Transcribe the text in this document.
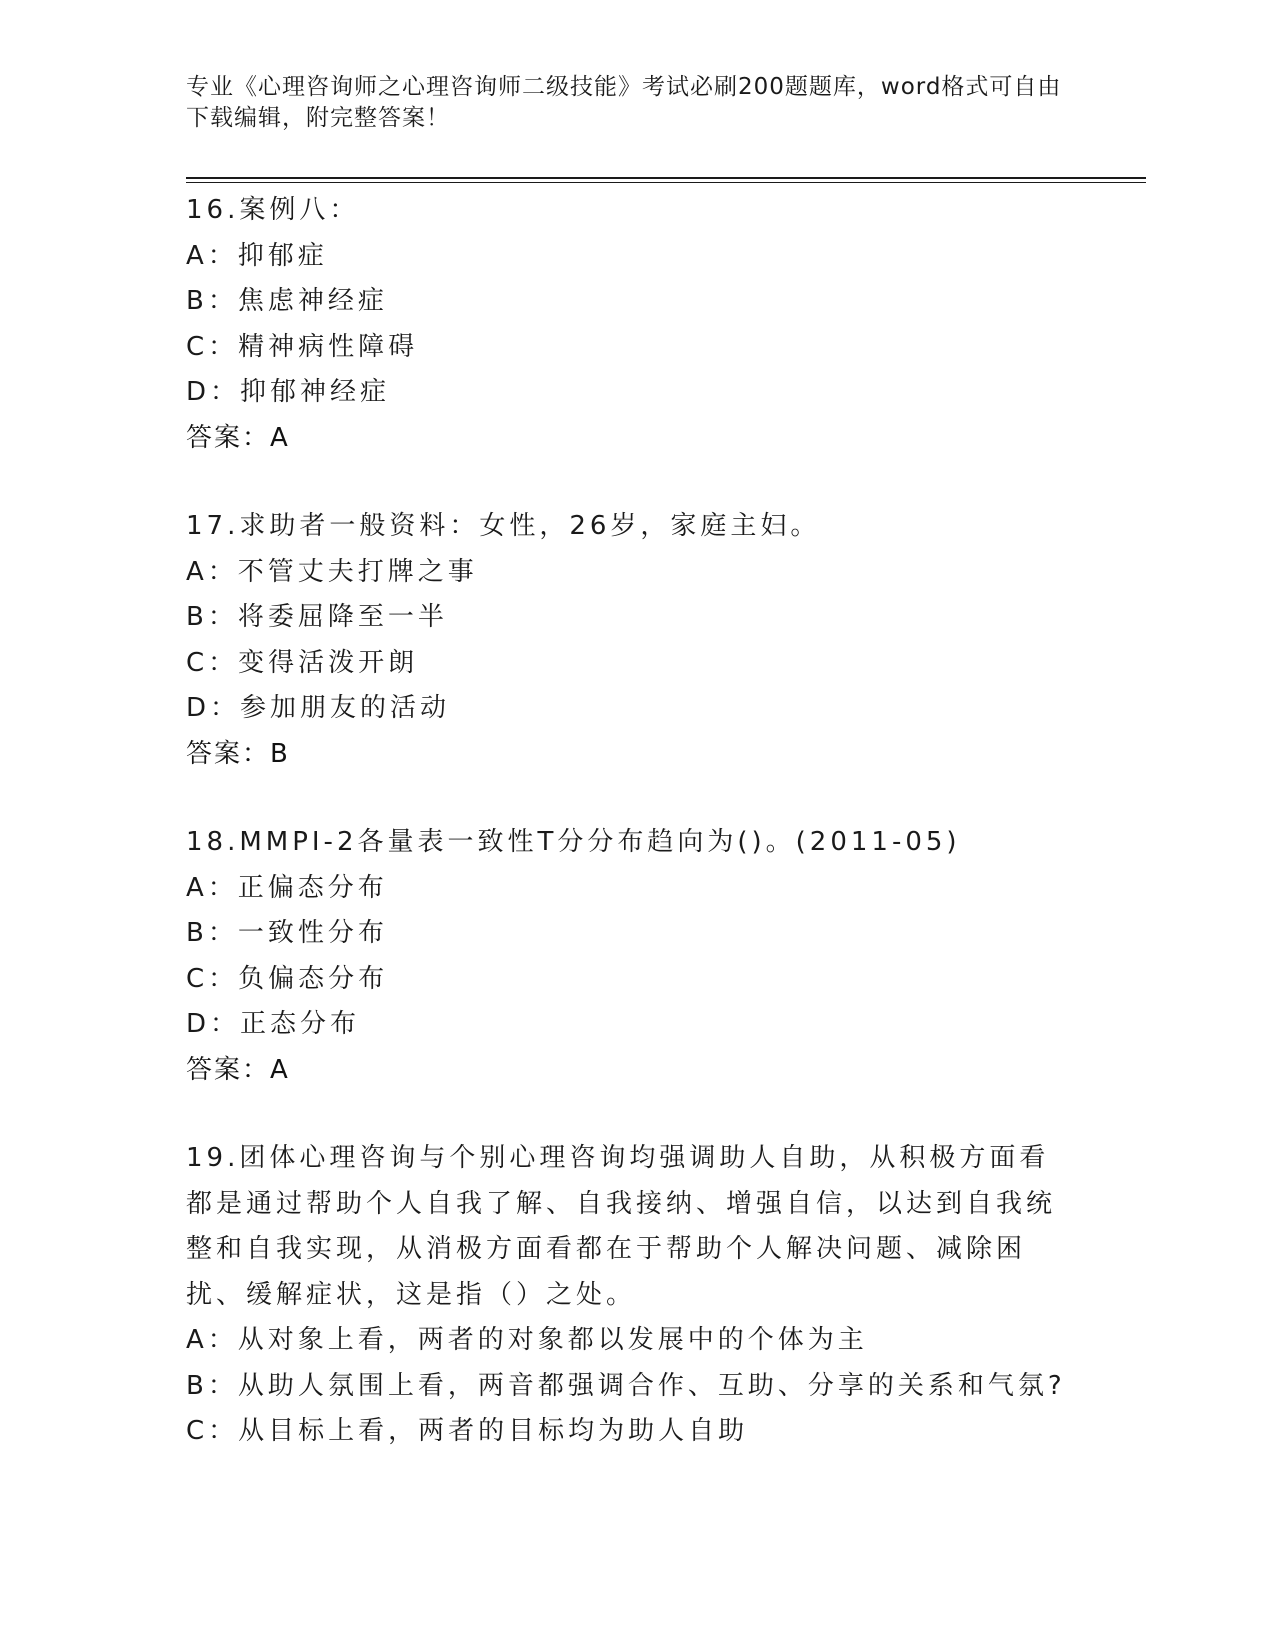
专业《心理咨询师之心理咨询师二级技能》考试必刷200题题库，word格式可自由下载编辑，附完整答案！
16.案例八：
A：抑郁症
B：焦虑神经症
C：精神病性障碍
D：抑郁神经症
答案：A
17.求助者一般资料：女性，26岁，家庭主妇。
A：不管丈夫打牌之事
B：将委屈降至一半
C：变得活泼开朗
D：参加朋友的活动
答案：B
18.MMPI-2各量表一致性T分分布趋向为()。(2011-05)
A：正偏态分布
B：一致性分布
C：负偏态分布
D：正态分布
答案：A
19.团体心理咨询与个别心理咨询均强调助人自助，从积极方面看都是通过帮助个人自我了解、自我接纳、增强自信，以达到自我统整和自我实现，从消极方面看都在于帮助个人解决问题、减除困扰、缓解症状，这是指（）之处。
A：从对象上看，两者的对象都以发展中的个体为主
B：从助人氛围上看，两音都强调合作、互助、分享的关系和气氛?
C：从目标上看，两者的目标均为助人自助
